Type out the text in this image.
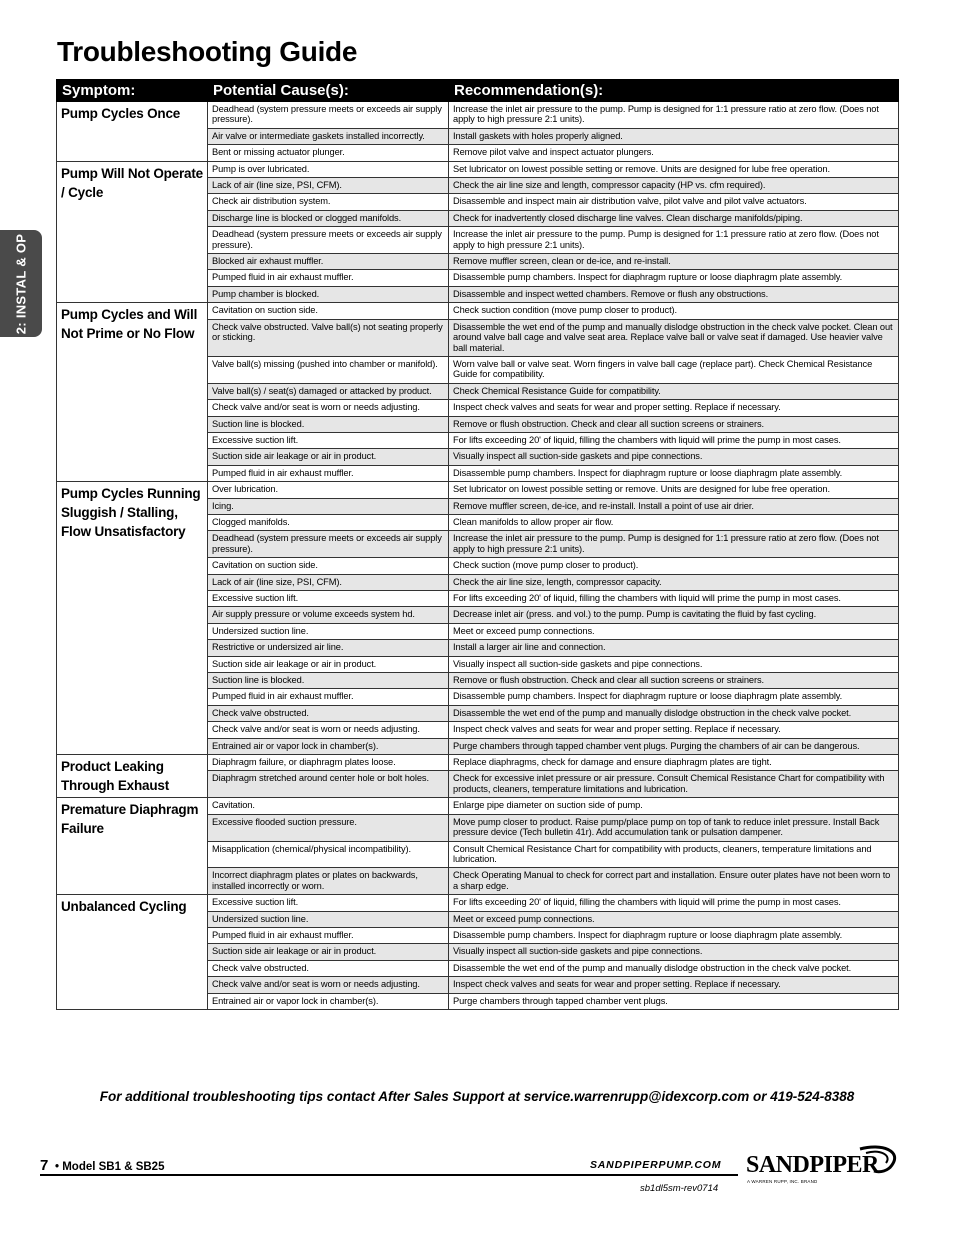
Troubleshooting Guide
2: INSTAL & OP
Symptom:	Potential Cause(s):	Recommendation(s):
Pump Cycles Once	Deadhead (system pressure meets or exceeds air supply pressure).	Increase the inlet air pressure to the pump. Pump is designed for 1:1 pressure ratio at zero flow. (Does not apply to high pressure 2:1 units).
	Air valve or intermediate gaskets installed incorrectly.	Install gaskets with holes properly aligned.
	Bent or missing actuator plunger.	Remove pilot valve and inspect actuator plungers.
Pump Will Not Operate / Cycle	Pump is over lubricated.	Set lubricator on lowest possible setting or remove. Units are designed for lube free operation.
	Lack of air (line size, PSI, CFM).	Check the air line size and length, compressor capacity (HP vs. cfm required).
	Check air distribution system.	Disassemble and inspect main air distribution valve, pilot valve and pilot valve actuators.
	Discharge line is blocked or clogged manifolds.	Check for inadvertently closed discharge line valves. Clean discharge manifolds/piping.
	Deadhead (system pressure meets or exceeds air supply pressure).	Increase the inlet air pressure to the pump. Pump is designed for 1:1 pressure ratio at zero flow. (Does not apply to high pressure 2:1 units).
	Blocked air exhaust muffler.	Remove muffler screen, clean or de-ice, and re-install.
	Pumped fluid in air exhaust muffler.	Disassemble pump chambers. Inspect for diaphragm rupture or loose diaphragm plate assembly.
	Pump chamber is blocked.	Disassemble and inspect wetted chambers. Remove or flush any obstructions.
Pump Cycles and Will Not Prime or No Flow	Cavitation on suction side.	Check suction condition (move pump closer to product).
	Check valve obstructed. Valve ball(s) not seating properly or sticking.	Disassemble the wet end of the pump and manually dislodge obstruction in the check valve pocket. Clean out around valve ball cage and valve seat area. Replace valve ball or valve seat if damaged. Use heavier valve ball material.
	Valve ball(s) missing (pushed into chamber or manifold).	Worn valve ball or valve seat. Worn fingers in valve ball cage (replace part). Check Chemical Resistance Guide for compatibility.
	Valve ball(s) / seat(s) damaged or attacked by product.	Check Chemical Resistance Guide for compatibility.
	Check valve and/or seat is worn or needs adjusting.	Inspect check valves and seats for wear and proper setting. Replace if necessary.
	Suction line is blocked.	Remove or flush obstruction. Check and clear all suction screens or strainers.
	Excessive suction lift.	For lifts exceeding 20' of liquid, filling the chambers with liquid will prime the pump in most cases.
	Suction side air leakage or air in product.	Visually inspect all suction-side gaskets and pipe connections.
	Pumped fluid in air exhaust muffler.	Disassemble pump chambers. Inspect for diaphragm rupture or loose diaphragm plate assembly.
Pump Cycles Running Sluggish / Stalling, Flow Unsatisfactory	Over lubrication.	Set lubricator on lowest possible setting or remove. Units are designed for lube free operation.
	Icing.	Remove muffler screen, de-ice, and re-install. Install a point of use air drier.
	Clogged manifolds.	Clean manifolds to allow proper air flow.
	Deadhead (system pressure meets or exceeds air supply pressure).	Increase the inlet air pressure to the pump. Pump is designed for 1:1 pressure ratio at zero flow. (Does not apply to high pressure 2:1 units).
	Cavitation on suction side.	Check suction (move pump closer to product).
	Lack of air (line size, PSI, CFM).	Check the air line size, length, compressor capacity.
	Excessive suction lift.	For lifts exceeding 20' of liquid, filling the chambers with liquid will prime the pump in most cases.
	Air supply pressure or volume exceeds system hd.	Decrease inlet air (press. and vol.) to the pump. Pump is cavitating the fluid by fast cycling.
	Undersized suction line.	Meet or exceed pump connections.
	Restrictive or undersized air line.	Install a larger air line and connection.
	Suction side air leakage or air in product.	Visually inspect all suction-side gaskets and pipe connections.
	Suction line is blocked.	Remove or flush obstruction. Check and clear all suction screens or strainers.
	Pumped fluid in air exhaust muffler.	Disassemble pump chambers. Inspect for diaphragm rupture or loose diaphragm plate assembly.
	Check valve obstructed.	Disassemble the wet end of the pump and manually dislodge obstruction in the check valve pocket.
	Check valve and/or seat is worn or needs adjusting.	Inspect check valves and seats for wear and proper setting. Replace if necessary.
	Entrained air or vapor lock in chamber(s).	Purge chambers through tapped chamber vent plugs. Purging the chambers of air can be dangerous.
Product Leaking Through Exhaust	Diaphragm failure, or diaphragm plates loose.	Replace diaphragms, check for damage and ensure diaphragm plates are tight.
	Diaphragm stretched around center hole or bolt holes.	Check for excessive inlet pressure or air pressure. Consult Chemical Resistance Chart for compatibility with products, cleaners, temperature limitations and lubrication.
Premature Diaphragm Failure	Cavitation.	Enlarge pipe diameter on suction side of pump.
	Excessive flooded suction pressure.	Move pump closer to product. Raise pump/place pump on top of tank to reduce inlet pressure. Install Back pressure device (Tech bulletin 41r). Add accumulation tank or pulsation dampener.
	Misapplication (chemical/physical incompatibility).	Consult Chemical Resistance Chart for compatibility with products, cleaners, temperature limitations and lubrication.
	Incorrect diaphragm plates or plates on backwards, installed incorrectly or worn.	Check Operating Manual to check for correct part and installation. Ensure outer plates have not been worn to a sharp edge.
Unbalanced Cycling	Excessive suction lift.	For lifts exceeding 20' of liquid, filling the chambers with liquid will prime the pump in most cases.
	Undersized suction line.	Meet or exceed pump connections.
	Pumped fluid in air exhaust muffler.	Disassemble pump chambers. Inspect for diaphragm rupture or loose diaphragm plate assembly.
	Suction side air leakage or air in product.	Visually inspect all suction-side gaskets and pipe connections.
	Check valve obstructed.	Disassemble the wet end of the pump and manually dislodge obstruction in the check valve pocket.
	Check valve and/or seat is worn or needs adjusting.	Inspect check valves and seats for wear and proper setting. Replace if necessary.
	Entrained air or vapor lock in chamber(s).	Purge chambers through tapped chamber vent plugs.
For additional troubleshooting tips contact After Sales Support at service.warrenrupp@idexcorp.com or 419-524-8388
7 • Model SB1 & SB25	SANDPIPERPUMP.COM
sb1dl5sm-rev0714
SANDPIPER
A WARREN RUPP, INC. BRAND
